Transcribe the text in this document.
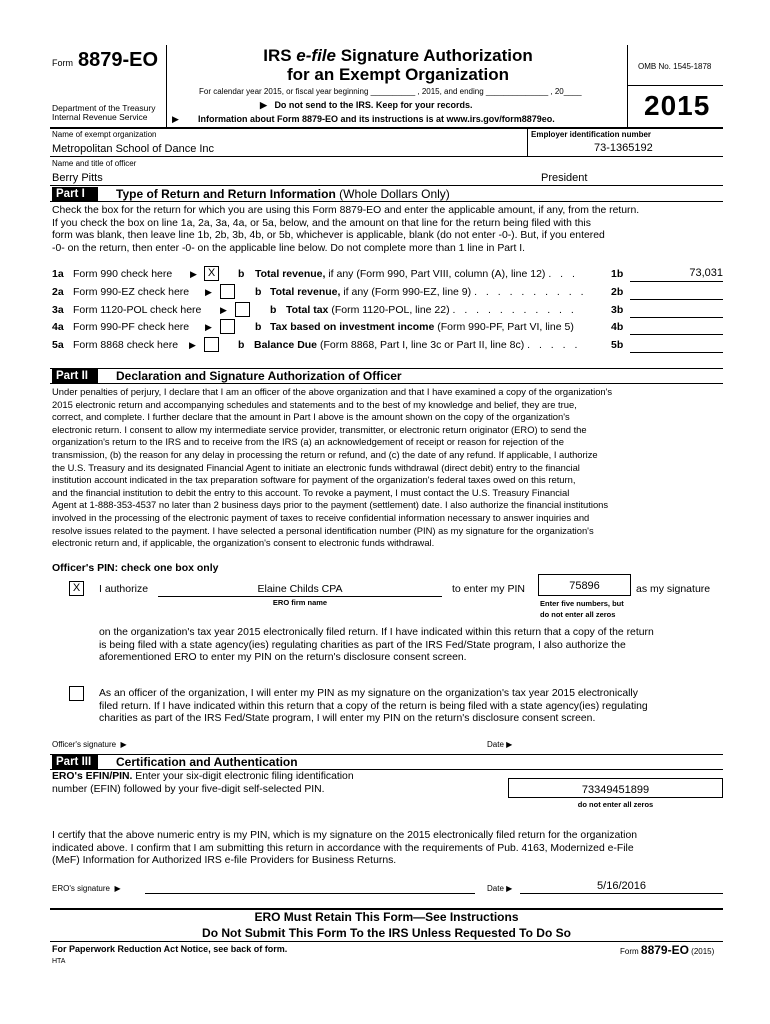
Form 8879-EO
Department of the Treasury
Internal Revenue Service	▶
IRS e-file Signature Authorization
for an Exempt Organization
For calendar year 2015, or fiscal year beginning __________ , 2015, and ending ______________ , 20____
▶   Do not send to the IRS. Keep for your records.
Information about Form 8879-EO and its instructions is at www.irs.gov/form8879eo.
OMB No. 1545-1878
2015
Name of exempt organization
Metropolitan School of Dance Inc
Employer identification number
73-1365192
Name and title of officer
Berry Pitts	President
Part I	Type of Return and Return Information (Whole Dollars Only)
Check the box for the return for which you are using this Form 8879-EO and enter the applicable amount, if any, from the return.
If you check the box on line 1a, 2a, 3a, 4a, or 5a, below, and the amount on that line for the return being filed with this
form was blank, then leave line 1b, 2b, 3b, 4b, or 5b, whichever is applicable, blank (do not enter -0-). But, if you entered
-0- on the return, then enter -0- on the applicable line below. Do not complete more than 1 line in Part I.
1a Form 990 check here ▶ X	b Total revenue, if any (Form 990, Part VIII, column (A), line 12) . . .	1b	73,031
2a Form 990-EZ check here ▶	b Total revenue, if any (Form 990-EZ, line 9) . . . . . . . . . . 2b
3a Form 1120-POL check here ▶	b Total tax (Form 1120-POL, line 22) . . . . . . . . . . .	3b
4a Form 990-PF check here ▶	b Tax based on investment income (Form 990-PF, Part VI, line 5)	4b
5a Form 8868 check here ▶	b Balance Due (Form 8868, Part I, line 3c or Part II, line 8c) . . . . .	5b
Part II	Declaration and Signature Authorization of Officer
Under penalties of perjury, I declare that I am an officer of the above organization and that I have examined a copy of the organization's
2015 electronic return and accompanying schedules and statements and to the best of my knowledge and belief, they are true,
correct, and complete. I further declare that the amount in Part I above is the amount shown on the copy of the organization's
electronic return. I consent to allow my intermediate service provider, transmitter, or electronic return originator (ERO) to send the
organization's return to the IRS and to receive from the IRS (a) an acknowledgement of receipt or reason for rejection of the
transmission, (b) the reason for any delay in processing the return or refund, and (c) the date of any refund. If applicable, I authorize
the U.S. Treasury and its designated Financial Agent to initiate an electronic funds withdrawal (direct debit) entry to the financial
institution account indicated in the tax preparation software for payment of the organization's federal taxes owed on this return,
and the financial institution to debit the entry to this account. To revoke a payment, I must contact the U.S. Treasury Financial
Agent at 1-888-353-4537 no later than 2 business days prior to the payment (settlement) date. I also authorize the financial institutions
involved in the processing of the electronic payment of taxes to receive confidential information necessary to answer inquiries and
resolve issues related to the payment. I have selected a personal identification number (PIN) as my signature for the organization's
electronic return and, if applicable, the organization's consent to electronic funds withdrawal.
Officer's PIN: check one box only
X	I authorize	Elaine Childs CPA
ERO firm name
to enter my PIN	75896	as my signature
Enter five numbers, but
do not enter all zeros
on the organization's tax year 2015 electronically filed return. If I have indicated within this return that a copy of the return
is being filed with a state agency(ies) regulating charities as part of the IRS Fed/State program, I also authorize the
aforementioned ERO to enter my PIN on the return's disclosure consent screen.
As an officer of the organization, I will enter my PIN as my signature on the organization's tax year 2015 electronically
filed return. If I have indicated within this return that a copy of the return is being filed with a state agency(ies) regulating
charities as part of the IRS Fed/State program, I will enter my PIN on the return's disclosure consent screen.
Officer's signature  ▶	Date ▶
Part III	Certification and Authentication
ERO's EFIN/PIN. Enter your six-digit electronic filing identification
number (EFIN) followed by your five-digit self-selected PIN.	73349451899
do not enter all zeros
I certify that the above numeric entry is my PIN, which is my signature on the 2015 electronically filed return for the organization
indicated above. I confirm that I am submitting this return in accordance with the requirements of Pub. 4163, Modernized e-File
(MeF) Information for Authorized IRS e-file Providers for Business Returns.
ERO's signature  ▶	Date ▶	5/16/2016
ERO Must Retain This Form—See Instructions
Do Not Submit This Form To the IRS Unless Requested To Do So
For Paperwork Reduction Act Notice, see back of form.
HTA
Form 8879-EO (2015)
